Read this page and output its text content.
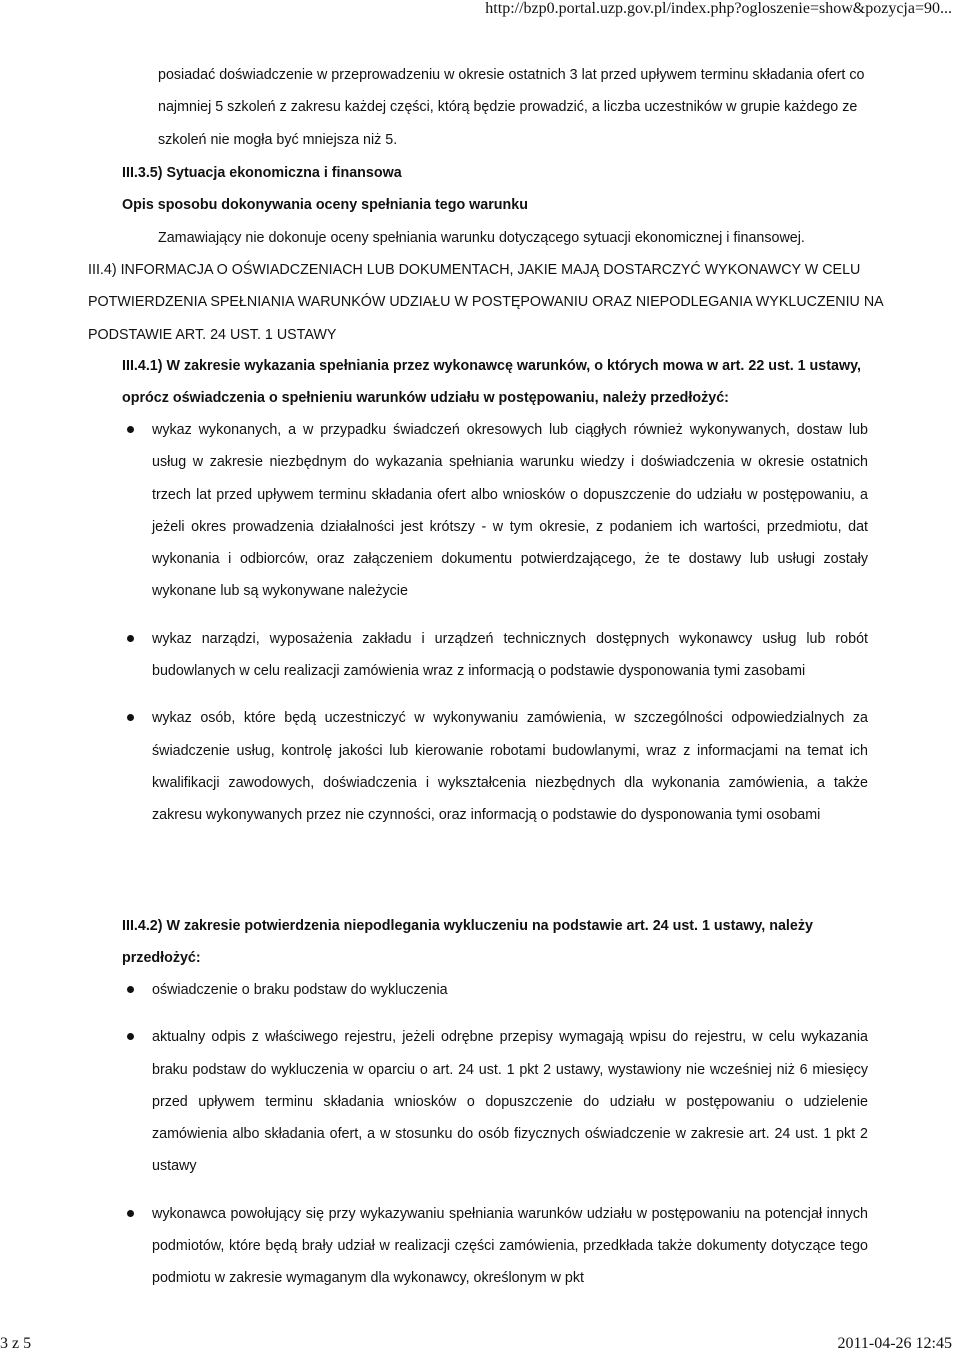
http://bzp0.portal.uzp.gov.pl/index.php?ogloszenie=show&pozycja=90...

posiadać doświadczenie w przeprowadzeniu w okresie ostatnich 3 lat przed upływem terminu składania ofert co najmniej 5 szkoleń z zakresu każdej części, którą będzie prowadzić, a liczba uczestników w grupie każdego ze szkoleń nie mogła być mniejsza niż 5.

III.3.5) Sytuacja ekonomiczna i finansowa

Opis sposobu dokonywania oceny spełniania tego warunku

Zamawiający nie dokonuje oceny spełniania warunku dotyczącego sytuacji ekonomicznej i finansowej.

III.4) INFORMACJA O OŚWIADCZENIACH LUB DOKUMENTACH, JAKIE MAJĄ DOSTARCZYĆ WYKONAWCY W CELU POTWIERDZENIA SPEŁNIANIA WARUNKÓW UDZIAŁU W POSTĘPOWANIU ORAZ NIEPODLEGANIA WYKLUCZENIU NA PODSTAWIE ART. 24 UST. 1 USTAWY

III.4.1) W zakresie wykazania spełniania przez wykonawcę warunków, o których mowa w art. 22 ust. 1 ustawy, oprócz oświadczenia o spełnieniu warunków udziału w postępowaniu, należy przedłożyć:

wykaz wykonanych, a w przypadku świadczeń okresowych lub ciągłych również wykonywanych, dostaw lub usług w zakresie niezbędnym do wykazania spełniania warunku wiedzy i doświadczenia w okresie ostatnich trzech lat przed upływem terminu składania ofert albo wniosków o dopuszczenie do udziału w postępowaniu, a jeżeli okres prowadzenia działalności jest krótszy - w tym okresie, z podaniem ich wartości, przedmiotu, dat wykonania i odbiorców, oraz załączeniem dokumentu potwierdzającego, że te dostawy lub usługi zostały wykonane lub są wykonywane należycie
wykaz narządzi, wyposażenia zakładu i urządzeń technicznych dostępnych wykonawcy usług lub robót budowlanych w celu realizacji zamówienia wraz z informacją o podstawie dysponowania tymi zasobami
wykaz osób, które będą uczestniczyć w wykonywaniu zamówienia, w szczególności odpowiedzialnych za świadczenie usług, kontrolę jakości lub kierowanie robotami budowlanymi, wraz z informacjami na temat ich kwalifikacji zawodowych, doświadczenia i wykształcenia niezbędnych dla wykonania zamówienia, a także zakresu wykonywanych przez nie czynności, oraz informacją o podstawie do dysponowania tymi osobami

III.4.2) W zakresie potwierdzenia niepodlegania wykluczeniu na podstawie art. 24 ust. 1 ustawy, należy przedłożyć:

oświadczenie o braku podstaw do wykluczenia
aktualny odpis z właściwego rejestru, jeżeli odrębne przepisy wymagają wpisu do rejestru, w celu wykazania braku podstaw do wykluczenia w oparciu o art. 24 ust. 1 pkt 2 ustawy, wystawiony nie wcześniej niż 6 miesięcy przed upływem terminu składania wniosków o dopuszczenie do udziału w postępowaniu o udzielenie zamówienia albo składania ofert, a w stosunku do osób fizycznych oświadczenie w zakresie art. 24 ust. 1 pkt 2 ustawy
wykonawca powołujący się przy wykazywaniu spełniania warunków udziału w postępowaniu na potencjał innych podmiotów, które będą brały udział w realizacji części zamówienia, przedkłada także dokumenty dotyczące tego podmiotu w zakresie wymaganym dla wykonawcy, określonym w pkt
3 z 5	2011-04-26 12:45
